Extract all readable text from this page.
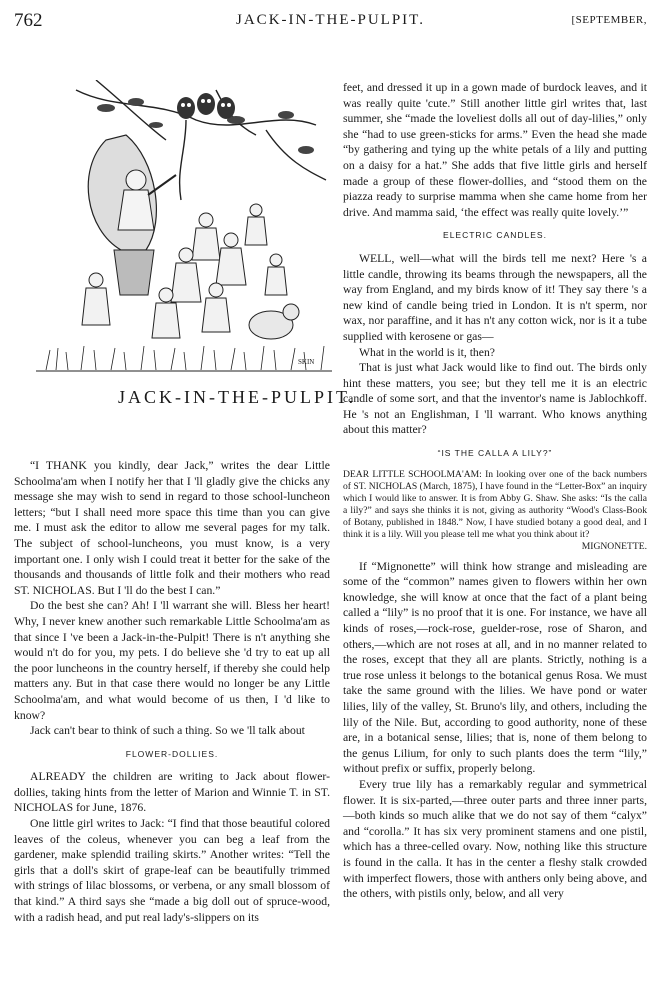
762	JACK-IN-THE-PULPIT.	[SEPTEMBER,
SKIN
JACK-IN-THE-PULPIT.

“I THANK you kindly, dear Jack,” writes the dear Little Schoolma'am when I notify her that I 'll gladly give the chicks any message she may wish to send in regard to those school-luncheon letters; “but I shall need more space this time than you can give me. I must ask the editor to allow me several pages for my talk. The subject of school-luncheons, you must know, is a very important one. I only wish I could treat it better for the sake of the thousands and thousands of little folk and their mothers who read ST. NICHOLAS. But I 'll do the best I can.”

Do the best she can? Ah! I 'll warrant she will. Bless her heart! Why, I never knew another such remarkable Little Schoolma'am as that since I 've been a Jack-in-the-Pulpit! There is n't anything she would n't do for you, my pets. I do believe she 'd try to eat up all the poor luncheons in the country herself, if thereby she could help matters any. But in that case there would no longer be any Little Schoolma'am, and what would become of us then, I 'd like to know?

Jack can't bear to think of such a thing. So we 'll talk about

FLOWER-DOLLIES.

ALREADY the children are writing to Jack about flower-dollies, taking hints from the letter of Marion and Winnie T. in ST. NICHOLAS for June, 1876.

One little girl writes to Jack: “I find that those beautiful colored leaves of the coleus, whenever you can beg a leaf from the gardener, make splendid trailing skirts.” Another writes: “Tell the girls that a doll's skirt of grape-leaf can be beautifully trimmed with strings of lilac blossoms, or verbena, or any small blossom of that kind.” A third says she “made a big doll out of spruce-wood, with a radish head, and put real lady's-slippers on its

feet, and dressed it up in a gown made of burdock leaves, and it was really quite 'cute.” Still another little girl writes that, last summer, she “made the loveliest dolls all out of day-lilies,” only she “had to use green-sticks for arms.” Even the head she made “by gathering and tying up the white petals of a lily and putting on a daisy for a hat.” She adds that five little girls and herself made a group of these flower-dollies, and “stood them on the piazza ready to surprise mamma when she came home from her drive. And mamma said, ‘the effect was really quite lovely.’”

ELECTRIC CANDLES.

WELL, well—what will the birds tell me next? Here 's a little candle, throwing its beams through the newspapers, all the way from England, and my birds know of it! They say there 's a new kind of candle being tried in London. It is n't sperm, nor wax, nor paraffine, and it has n't any cotton wick, nor is it a tube supplied with kerosene or gas—

What in the world is it, then?

That is just what Jack would like to find out. The birds only hint these matters, you see; but they tell me it is an electric candle of some sort, and that the inventor's name is Jablochkoff. He 's not an Englishman, I 'll warrant. Who knows anything about this matter?

“IS THE CALLA A LILY?”
DEAR LITTLE SCHOOLMA'AM: In looking over one of the back numbers of ST. NICHOLAS (March, 1875), I have found in the “Letter-Box” an inquiry which I would like to answer. It is from Abby G. Shaw. She asks: “Is the calla a lily?” and says she thinks it is not, giving as authority “Wood's Class-Book of Botany, published in 1848.” Now, I have studied botany a good deal, and I think it is a lily. Will you please tell me what you think about it?
MIGNONETTE.

If “Mignonette” will think how strange and misleading are some of the “common” names given to flowers within her own knowledge, she will know at once that the fact of a plant being called a “lily” is no proof that it is one. For instance, we have all kinds of roses,—rock-rose, guelder-rose, rose of Sharon, and others,—which are not roses at all, and in no manner related to the roses, except that they all are plants. Strictly, nothing is a true rose unless it belongs to the botanical genus Rosa. We must take the same ground with the lilies. We have pond or water lilies, lily of the valley, St. Bruno's lily, and others, including the lily of the Nile. But, according to good authority, none of these are, in a botanical sense, lilies; that is, none of them belong to the genus Lilium, for only to such plants does the term “lily,” without prefix or suffix, properly belong.

Every true lily has a remarkably regular and symmetrical flower. It is six-parted,—three outer parts and three inner parts,—both kinds so much alike that we do not say of them “calyx” and “corolla.” It has six very prominent stamens and one pistil, which has a three-celled ovary. Now, nothing like this structure is found in the calla. It has in the center a fleshy stalk crowded with imperfect flowers, those with anthers only being above, and the others, with pistils only, below, and all very
